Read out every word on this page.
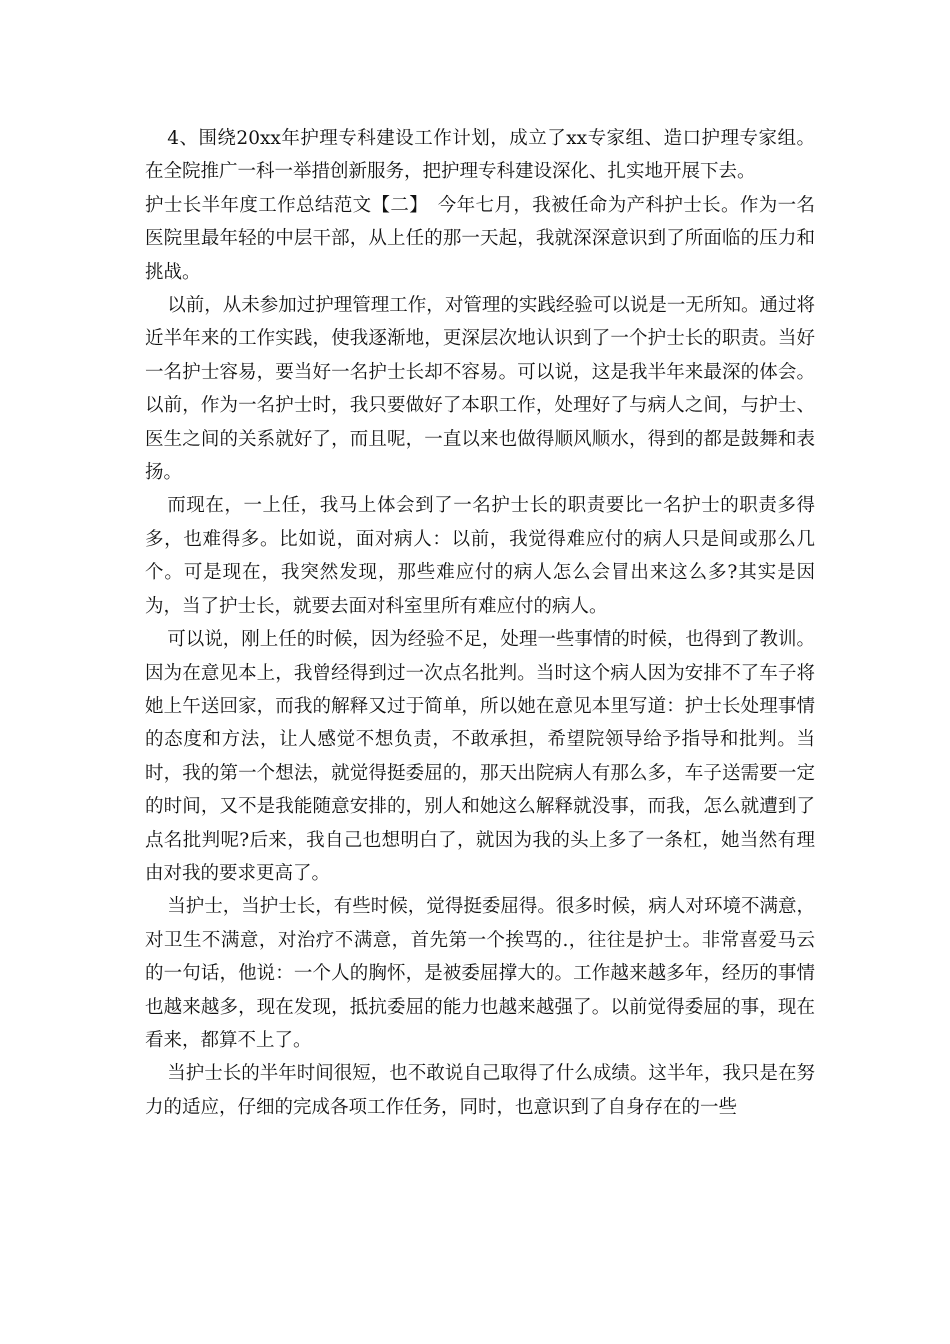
4、围绕20xx年护理专科建设工作计划，成立了xx专家组、造口护理专家组。在全院推广一科一举措创新服务，把护理专科建设深化、扎实地开展下去。

护士长半年度工作总结范文【二】　今年七月，我被任命为产科护士长。作为一名医院里最年轻的中层干部，从上任的那一天起，我就深深意识到了所面临的压力和挑战。

以前，从未参加过护理管理工作，对管理的实践经验可以说是一无所知。通过将近半年来的工作实践，使我逐渐地，更深层次地认识到了一个护士长的职责。当好一名护士容易，要当好一名护士长却不容易。可以说，这是我半年来最深的体会。以前，作为一名护士时，我只要做好了本职工作，处理好了与病人之间，与护士、医生之间的关系就好了，而且呢，一直以来也做得顺风顺水，得到的都是鼓舞和表扬。

而现在，一上任，我马上体会到了一名护士长的职责要比一名护士的职责多得多，也难得多。比如说，面对病人：以前，我觉得难应付的病人只是间或那么几个。可是现在，我突然发现，那些难应付的病人怎么会冒出来这么多?其实是因为，当了护士长，就要去面对科室里所有难应付的病人。

可以说，刚上任的时候，因为经验不足，处理一些事情的时候，也得到了教训。因为在意见本上，我曾经得到过一次点名批判。当时这个病人因为安排不了车子将她上午送回家，而我的解释又过于简单，所以她在意见本里写道：护士长处理事情的态度和方法，让人感觉不想负责，不敢承担，希望院领导给予指导和批判。当时，我的第一个想法，就觉得挺委屈的，那天出院病人有那么多，车子送需要一定的时间，又不是我能随意安排的，别人和她这么解释就没事，而我，怎么就遭到了点名批判呢?后来，我自己也想明白了，就因为我的头上多了一条杠，她当然有理由对我的要求更高了。

当护士，当护士长，有些时候，觉得挺委屈得。很多时候，病人对环境不满意，对卫生不满意，对治疗不满意，首先第一个挨骂的.，往往是护士。非常喜爱马云的一句话，他说：一个人的胸怀，是被委屈撑大的。工作越来越多年，经历的事情也越来越多，现在发现，抵抗委屈的能力也越来越强了。以前觉得委屈的事，现在看来，都算不上了。

当护士长的半年时间很短，也不敢说自己取得了什么成绩。这半年，我只是在努力的适应，仔细的完成各项工作任务，同时，也意识到了自身存在的一些
